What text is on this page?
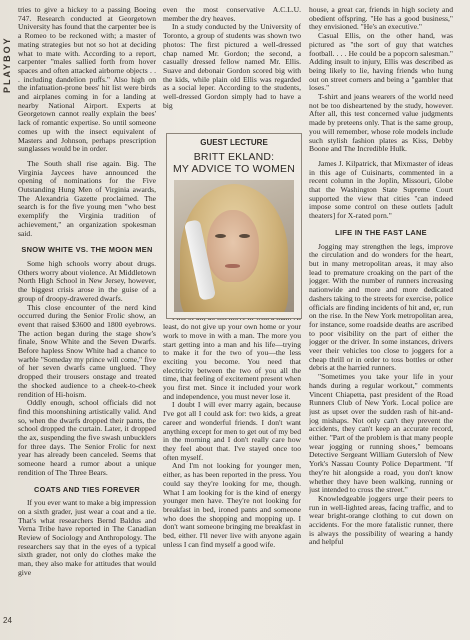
PLAYBOY
24

tries to give a hickey to a passing Boeing 747. Research conducted at Georgetown University has found that the carpenter bee is a Romeo to be reckoned with; a master of mating strategies but not so hot at deciding what to mate with. According to a report, carpenter "males sallied forth from hover spaces and often attacked airborne objects . . . including dandelion puffs." Also high on the infatuation-prone bees' hit list were birds and airplanes coming in for a landing at nearby National Airport. Experts at Georgetown cannot really explain the bees' lack of romantic expertise. So until someone comes up with the insect equivalent of Masters and Johnson, perhaps prescription sunglasses would be in order.

The South shall rise again. Big. The Virginia Jaycees have announced the opening of nominations for the Five Outstanding Hung Men of Virginia awards, The Alexandria Gazette proclaimed. The search is for the five young men "who best exemplify the Virginia tradition of achievement," an organization spokesman said.

SNOW WHITE VS. THE MOON MEN

Some high schools worry about drugs. Others worry about violence. At Middletown North High School in New Jersey, however, the biggest crisis arose in the guise of a group of droopy-drawered dwarfs.

This close encounter of the nerd kind occurred during the Senior Frolic show, an event that raised $3600 and 1800 eyebrows. The action began during the stage show's finale, Snow White and the Seven Dwarfs. Before hapless Snow White had a chance to warble "Someday my prince will come," five of her seven dwarfs came unglued. They dropped their trousers onstage and treated the shocked audience to a cheek-to-cheek rendition of Hi-hoism.

Oddly enough, school officials did not find this moonshining artistically valid. And so, when the dwarfs dropped their pants, the school dropped the curtain. Later, it dropped the ax, suspending the five swash unbucklers for three days. The Senior Frolic for next year has already been canceled. Seems that someone heard a rumor about a unique rendition of The Three Bears.

COATS AND TIES FOREVER

If you ever want to make a big impression on a sixth grader, just wear a coat and a tie. That's what researchers Bernd Baldus and Verna Tribe have reported in The Canadian Review of Sociology and Anthropology. The researchers say that in the eyes of a typical sixth grader, not only do clothes make the man, they also make for attitudes that would give

even the most conservative A.C.L.U. member the dry heaves.

In a study conducted by the University of Toronto, a group of students was shown two photos: The first pictured a well-dressed chap named Mr. Gordon; the second, a casually dressed fellow named Mr. Ellis. Suave and debonair Gordon scored big with the kids, while plain old Ellis was regarded as a social leper. According to the students, well-dressed Gordon simply had to have a big

least, do not give up your own home or your work to move in with a man. The more you start getting into a man and his life—trying to make it for the two of you—the less exciting you become. You need that electricity between the two of you all the time, that feeling of excitement present when you first met. Since it included your work and independence, you must never lose it.

I doubt I will ever marry again, because I've got all I could ask for: two kids, a great career and wonderful friends. I don't want anything except for men to get out of my bed in the morning and I don't really care how they feel about that. I've stayed once too often myself.

And I'm not looking for younger men, either, as has been reported in the press. You could say they're looking for me, though. What I am looking for is the kind of energy younger men have. They're not looking for breakfast in bed, ironed pants and someone who does the shopping and mopping up. I don't want someone bringing me breakfast in bed, either. I'll never live with anyone again unless I can find myself a good wife.

GUEST LECTURE
BRITT EKLAND:
MY ADVICE TO WOMEN

house, a great car, friends in high society and obedient offspring. "He has a good business," they envisioned. "He's an executive."

Casual Ellis, on the other hand, was pictured as "the sort of guy that watches football. . . . He could be a popcorn salesman." Adding insult to injury, Ellis was described as being likely to lie, having friends who hung out on street corners and being a "gambler that loses."

T-shirt and jeans wearers of the world need not be too disheartened by the study, however. After all, this test concerned value judgments made by preteens only. That is the same group, you will remember, whose role models include such stylish fashion plates as Kiss, Debby Boone and The Incredible Hulk.

James J. Kilpatrick, that Mixmaster of ideas in this age of Cuisinarts, commented in a recent column in the Joplin, Missouri, Globe that the Washington State Supreme Court supported the view that cities "can indeed impose some control on these outlets [adult theaters] for X-rated porn."

LIFE IN THE FAST LANE

Jogging may strengthen the legs, improve the circulation and do wonders for the heart, but in many metropolitan areas, it may also lead to premature croaking on the part of the jogger. With the number of runners increasing nationwide and more and more dedicated dashers taking to the streets for exercise, police officials are finding incidents of hit and, er, run on the rise. In the New York metropolitan area, for instance, some roadside deaths are ascribed to poor visibility on the part of either the jogger or the driver. In some instances, drivers veer their vehicles too close to joggers for a cheap thrill or in order to toss bottles or other debris at the harried runners.

"Sometimes you take your life in your hands during a regular workout," comments Vincent Chiapetta, past president of the Road Runners Club of New York. Local police are just as upset over the sudden rash of hit-and-jog mishaps. Not only can't they prevent the accidents, they can't keep an accurate record, either. "Part of the problem is that many people wear jogging or running shoes," bemoans Detective Sergeant William Gutersloh of New York's Nassau County Police Department. "If they're hit alongside a road, you don't know whether they have been walking, running or just intended to cross the street."

Knowledgeable joggers urge their peers to run in well-lighted areas, facing traffic, and to wear bright-orange clothing to cut down on accidents. For the more fatalistic runner, there is always the possibility of wearing a handy and helpful
